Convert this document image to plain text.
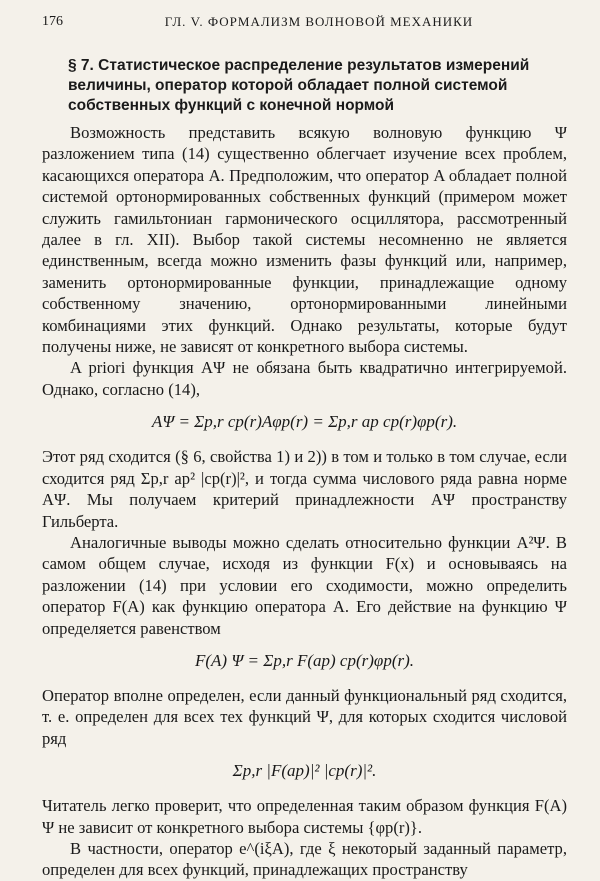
176	ГЛ. V. ФОРМАЛИЗМ ВОЛНОВОЙ МЕХАНИКИ
§ 7. Статистическое распределение результатов измерений величины, оператор которой обладает полной системой собственных функций с конечной нормой

Возможность представить всякую волновую функцию Ψ разложением типа (14) существенно облегчает изучение всех проблем, касающихся оператора A. Предположим, что оператор A обладает полной системой ортонормированных собственных функций (примером может служить гамильтониан гармонического осциллятора, рассмотренный далее в гл. XII). Выбор такой системы несомненно не является единственным, всегда можно изменить фазы функций или, например, заменить ортонормированные функции, принадлежащие одному собственному значению, ортонормированными линейными комбинациями этих функций. Однако результаты, которые будут получены ниже, не зависят от конкретного выбора системы.

A priori функция AΨ не обязана быть квадратично интегрируемой. Однако, согласно (14),

AΨ = Σp,r cp(r)Aφp(r) = Σp,r ap cp(r)φp(r).

Этот ряд сходится (§ 6, свойства 1) и 2)) в том и только в том случае, если сходится ряд Σp,r ap² |cp(r)|², и тогда сумма числового ряда равна норме AΨ. Мы получаем критерий принадлежности AΨ пространству Гильберта.

Аналогичные выводы можно сделать относительно функции A²Ψ. В самом общем случае, исходя из функции F(x) и основываясь на разложении (14) при условии его сходимости, можно определить оператор F(A) как функцию оператора A. Его действие на функцию Ψ определяется равенством

F(A) Ψ = Σp,r F(ap) cp(r)φp(r).

Оператор вполне определен, если данный функциональный ряд сходится, т. е. определен для всех тех функций Ψ, для которых сходится числовой ряд

Σp,r |F(ap)|² |cp(r)|².

Читатель легко проверит, что определенная таким образом функция F(A) Ψ не зависит от конкретного выбора системы {φp(r)}.

В частности, оператор e^(iξA), где ξ некоторый заданный параметр, определен для всех функций, принадлежащих пространству
